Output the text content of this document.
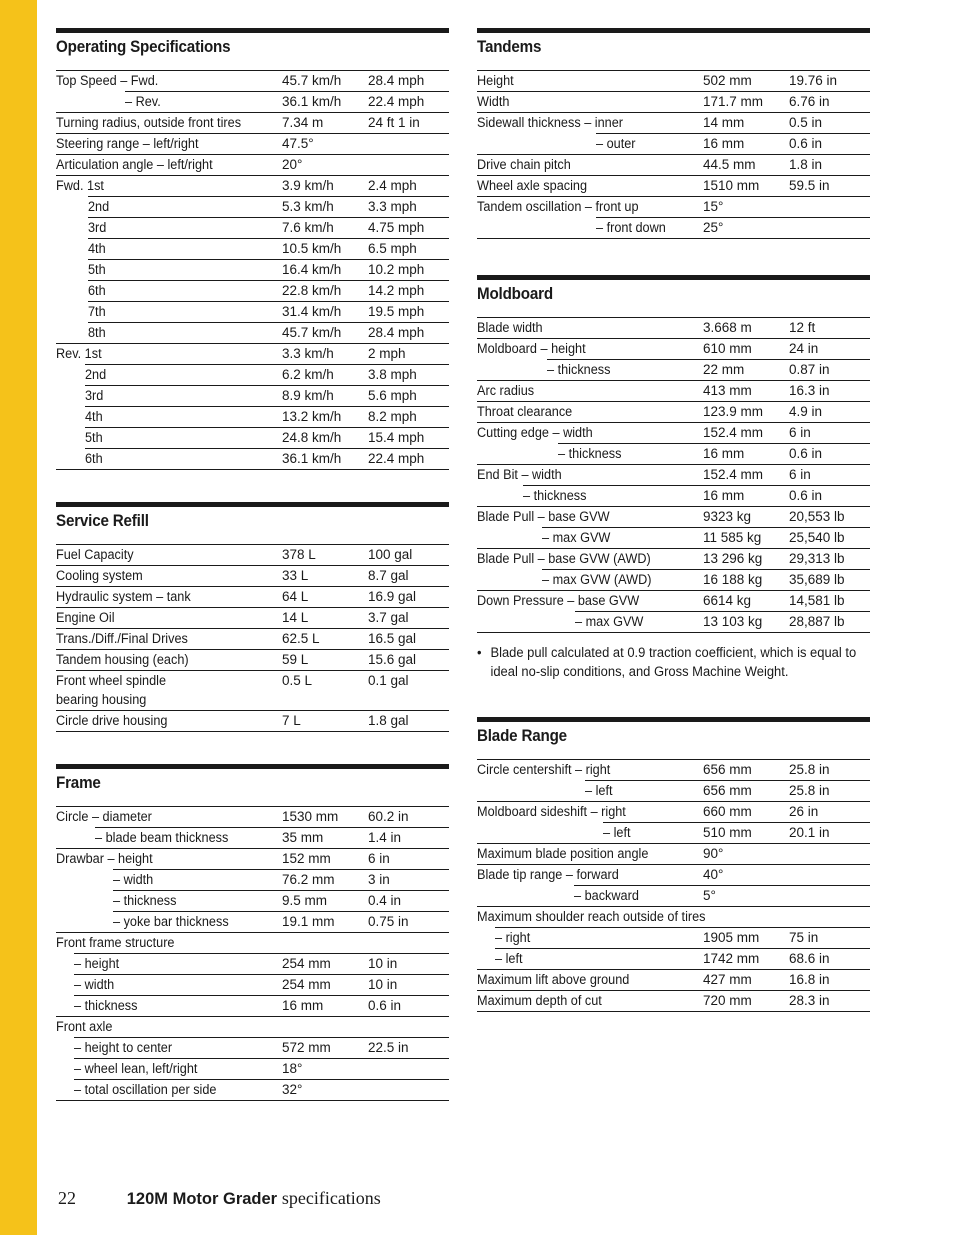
Operating Specifications
Top Speed – Fwd.	45.7 km/h	28.4 mph
– Rev.	36.1 km/h	22.4 mph
Turning radius, outside front tires	7.34 m	24 ft 1 in
Steering range – left/right	47.5°
Articulation angle – left/right	20°
Fwd. 1st	3.9 km/h	2.4 mph
2nd	5.3 km/h	3.3 mph
3rd	7.6 km/h	4.75 mph
4th	10.5 km/h	6.5 mph
5th	16.4 km/h	10.2 mph
6th	22.8 km/h	14.2 mph
7th	31.4 km/h	19.5 mph
8th	45.7 km/h	28.4 mph
Rev. 1st	3.3 km/h	2 mph
2nd	6.2 km/h	3.8 mph
3rd	8.9 km/h	5.6 mph
4th	13.2 km/h	8.2 mph
5th	24.8 km/h	15.4 mph
6th	36.1 km/h	22.4 mph
Service Refill
Fuel Capacity	378 L	100 gal
Cooling system	33 L	8.7 gal
Hydraulic system – tank	64 L	16.9 gal
Engine Oil	14 L	3.7 gal
Trans./Diff./Final Drives	62.5 L	16.5 gal
Tandem housing (each)	59 L	15.6 gal
Front wheel spindle
bearing housing
0.5 L	0.1 gal
Circle drive housing	7 L	1.8 gal
Frame
Circle – diameter	1530 mm	60.2 in
– blade beam thickness	35 mm	1.4 in
Drawbar – height	152 mm	6 in
– width	76.2 mm	3 in
– thickness	9.5 mm	0.4 in
– yoke bar thickness	19.1 mm	0.75 in
Front frame structure
– height	254 mm	10 in
– width	254 mm	10 in
– thickness	16 mm	0.6 in
Front axle
– height to center	572 mm	22.5 in
– wheel lean, left/right	18°
– total oscillation per side	32°
Tandems
Height	502 mm	19.76 in
Width	171.7 mm	6.76 in
Sidewall thickness – inner	14 mm	0.5 in
– outer	16 mm	0.6 in
Drive chain pitch	44.5 mm	1.8 in
Wheel axle spacing	1510 mm	59.5 in
Tandem oscillation – front up	15°
– front down	25°
Moldboard
Blade width	3.668 m	12 ft
Moldboard – height	610 mm	24 in
– thickness	22 mm	0.87 in
Arc radius	413 mm	16.3 in
Throat clearance	123.9 mm	4.9 in
Cutting edge – width	152.4 mm	6 in
– thickness	16 mm	0.6 in
End Bit – width	152.4 mm	6 in
– thickness	16 mm	0.6 in
Blade Pull – base GVW	9323 kg	20,553 lb
– max GVW	11 585 kg	25,540 lb
Blade Pull – base GVW (AWD)	13 296 kg	29,313 lb
– max GVW (AWD)	16 188 kg	35,689 lb
Down Pressure – base GVW	6614 kg	14,581 lb
– max GVW	13 103 kg	28,887 lb
• Blade pull calculated at 0.9 traction coefficient, which is equal to ideal no-slip conditions, and Gross Machine Weight.
Blade Range
Circle centershift – right	656 mm	25.8 in
– left	656 mm	25.8 in
Moldboard sideshift – right	660 mm	26 in
– left	510 mm	20.1 in
Maximum blade position angle	90°
Blade tip range – forward	40°
– backward	5°
Maximum shoulder reach outside of tires
– right	1905 mm	75 in
– left	1742 mm	68.6 in
Maximum lift above ground	427 mm	16.8 in
Maximum depth of cut	720 mm	28.3 in
22	120M Motor Grader specifications
